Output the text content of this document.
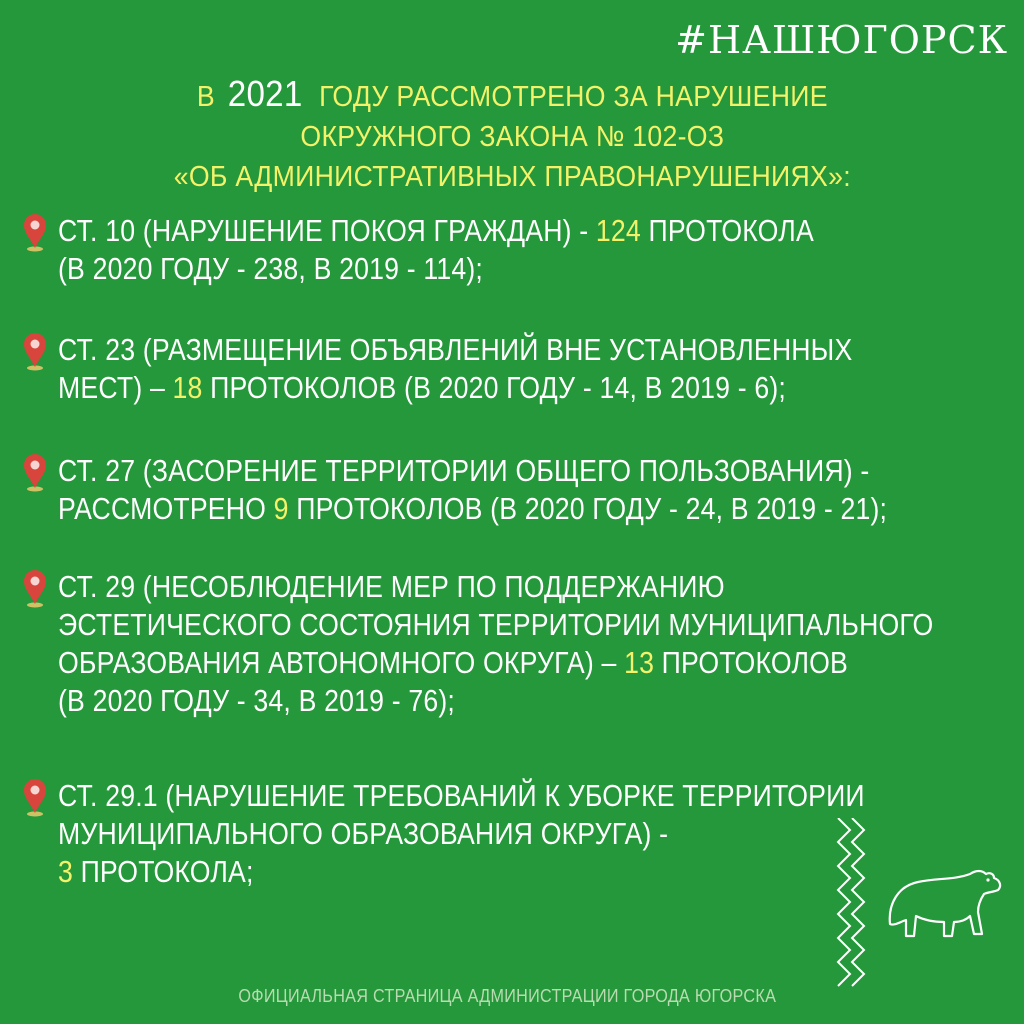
#НАШЮГОРСК
В 2021 ГОДУ РАССМОТРЕНО ЗА НАРУШЕНИЕ
ОКРУЖНОГО ЗАКОНА № 102-ОЗ
«ОБ АДМИНИСТРАТИВНЫХ ПРАВОНАРУШЕНИЯХ»:
СТ. 10 (НАРУШЕНИЕ ПОКОЯ ГРАЖДАН) - 124 ПРОТОКОЛА
(В 2020 ГОДУ - 238, В 2019 - 114);
СТ. 23 (РАЗМЕЩЕНИЕ ОБЪЯВЛЕНИЙ ВНЕ УСТАНОВЛЕННЫХ
МЕСТ) – 18 ПРОТОКОЛОВ (В 2020 ГОДУ - 14, В 2019 - 6);
СТ. 27 (ЗАСОРЕНИЕ ТЕРРИТОРИИ ОБЩЕГО ПОЛЬЗОВАНИЯ) -
РАССМОТРЕНО 9 ПРОТОКОЛОВ (В 2020 ГОДУ - 24, В 2019 - 21);
СТ. 29 (НЕСОБЛЮДЕНИЕ МЕР ПО ПОДДЕРЖАНИЮ
ЭСТЕТИЧЕСКОГО СОСТОЯНИЯ ТЕРРИТОРИИ МУНИЦИПАЛЬНОГО
ОБРАЗОВАНИЯ АВТОНОМНОГО ОКРУГА) – 13 ПРОТОКОЛОВ
(В 2020 ГОДУ - 34, В 2019 - 76);
СТ. 29.1 (НАРУШЕНИЕ ТРЕБОВАНИЙ К УБОРКЕ ТЕРРИТОРИИ
МУНИЦИПАЛЬНОГО ОБРАЗОВАНИЯ ОКРУГА) -
3 ПРОТОКОЛА;
ОФИЦИАЛЬНАЯ СТРАНИЦА АДМИНИСТРАЦИИ ГОРОДА ЮГОРСКА
